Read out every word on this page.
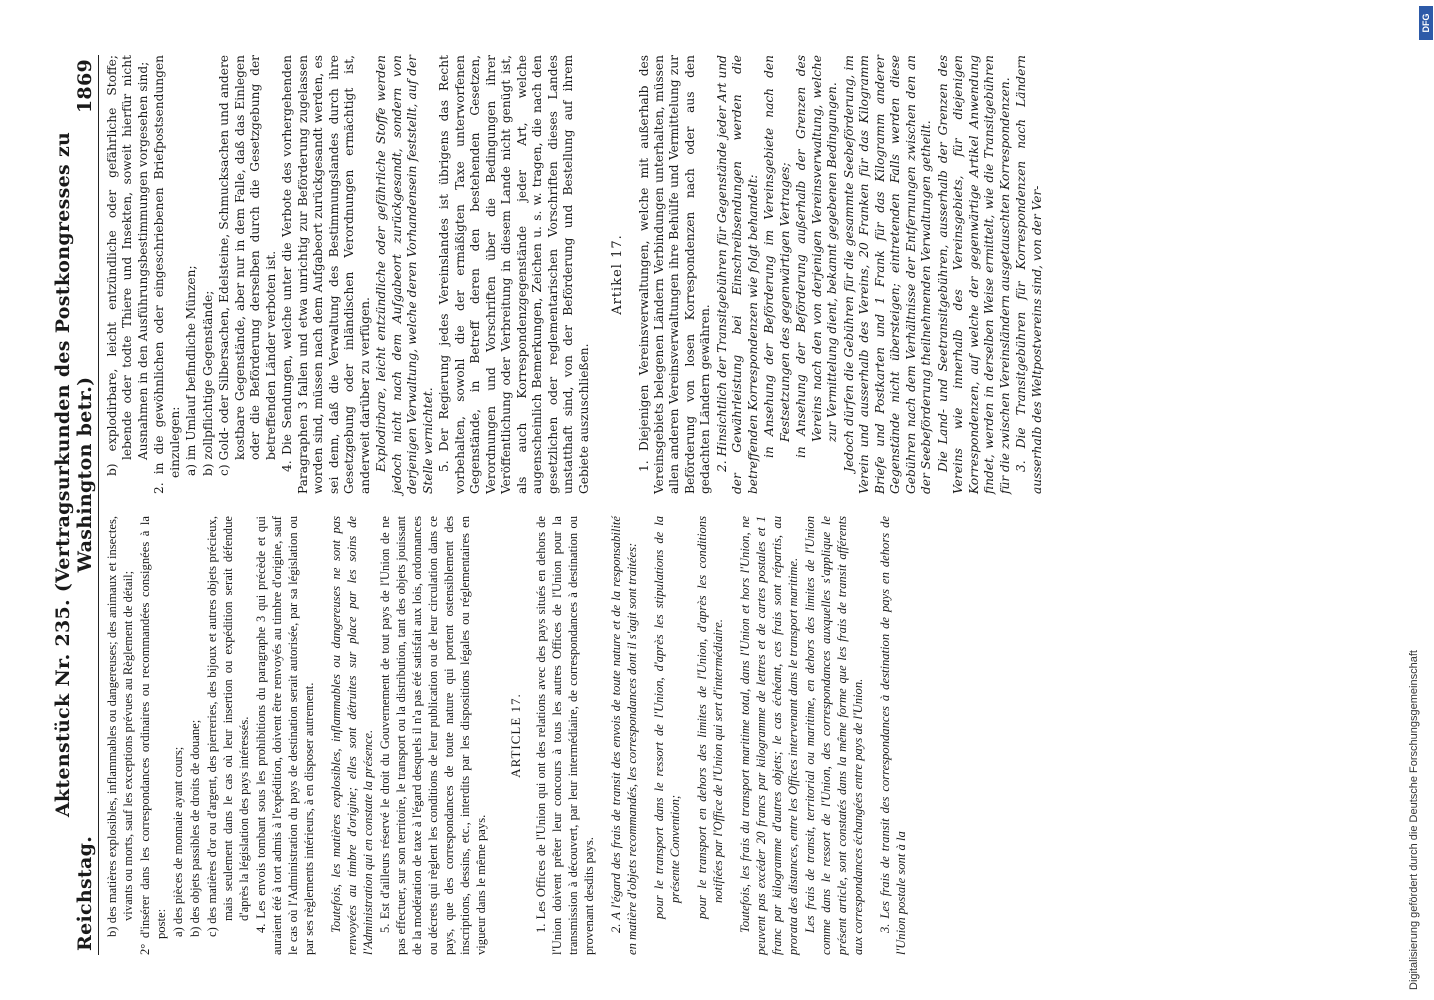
Reichstag.
Aktenstück Nr. 235. (Vertragsurkunden des Postkongresses zu Washington betr.)
1869

b) des matières explosibles, inflammables ou dangereuses; des animaux et insectes, vivants ou morts, sauf les exceptions prévues au Règlement de détail; 2° d'insérer dans les correspondances ordinaires ou recommandées consignées à la poste: a) des pièces de monnaie ayant cours; b) des objets passibles de droits de douane; c) des matières d'or ou d'argent, des pierreries, des bijoux et autres objets précieux, mais seulement dans le cas où leur insertion ou expédition serait défendue d'après la législation des pays intéressés. 4. Les envois tombant sous les prohibitions du paragraphe 3 qui précède et qui auraient été à tort admis à l'expédition, doivent être renvoyés au timbre d'origine, sauf le cas où l'Administration du pays de destination serait autorisée, par sa législation ou par ses règlements intérieurs, à en disposer autrement. Toutefois, les matières explosibles, inflammables ou dangereuses ne sont pas renvoyées au timbre d'origine; elles sont détruites sur place par les soins de l'Administration qui en constate la présence. 5. Est d'ailleurs réservé le droit du Gouvernement de tout pays de l'Union de ne pas effectuer, sur son territoire, le transport ou la distribution, tant des objets jouissant de la modération de taxe à l'égard desquels il n'a pas été satisfait aux lois, ordonnances ou décrets qui règlent les conditions de leur publication ou de leur circulation dans ce pays, que des correspondances de toute nature qui portent ostensiblement des inscriptions, dessins, etc., interdits par les dispositions légales ou réglementaires en vigueur dans le même pays.

ARTICLE 17. 1. Les Offices de l'Union qui ont des relations avec des pays situés en dehors de l'Union doivent prêter leur concours à tous les autres Offices de l'Union pour la transmission à découvert, par leur intermédiaire, de correspondances à destination ou provenant desdits pays. 2. A l'égard des frais de transit des envois de toute nature et de la responsabilité en matière d'objets recommandés, les correspondances dont il s'agit sont traitées: pour le transport dans le ressort de l'Union, d'après les stipulations de la présente Convention; pour le transport en dehors des limites de l'Union, d'après les conditions notifiées par l'Office de l'Union qui sert d'intermédiaire. Toutefois, les frais du transport maritime total, dans l'Union et hors l'Union, ne peuvent pas excéder 20 francs par kilogramme de lettres et de cartes postales et 1 franc par kilogramme d'autres objets; le cas échéant, ces frais sont répartis, au prorata des distances, entre les Offices intervenant dans le transport maritime. Les frais de transit, territorial ou maritime, en dehors des limites de l'Union comme dans le ressort de l'Union, des correspondances auxquelles s'applique le présent article, sont constatés dans la même forme que les frais de transit afférents aux correspondances échangées entre pays de l'Union. 3. Les frais de transit des correspondances à destination de pays en dehors de l'Union postale sont à la

b) explodirbare, leicht entzündliche oder gefährliche Stoffe; lebende oder todte Thiere und Insekten, soweit hierfür nicht Ausnahmen in den Ausführungsbestimmungen vorgesehen sind; 2. in die gewöhnlichen oder eingeschriebenen Briefpostsendungen einzulegen: a) im Umlauf befindliche Münzen; b) zollpflichtige Gegenstände; c) Gold- oder Silbersachen, Edelsteine, Schmucksachen und andere kostbare Gegenstände, aber nur in dem Falle, daß das Einlegen oder die Beförderung derselben durch die Gesetzgebung der betreffenden Länder verboten ist. 4. Die Sendungen, welche unter die Verbote des vorhergehenden Paragraphen 3 fallen und etwa unrichtig zur Beförderung zugelassen worden sind, müssen nach dem Aufgabeort zurückgesandt werden, es sei denn, daß die Verwaltung des Bestimmungslandes durch ihre Gesetzgebung oder inländischen Verordnungen ermächtigt ist, anderweit darüber zu verfügen. Explodirbare, leicht entzündliche oder gefährliche Stoffe werden jedoch nicht nach dem Aufgabeort zurückgesandt, sondern von derjenigen Verwaltung, welche deren Vorhandensein feststellt, auf der Stelle vernichtet. 5. Der Regierung jedes Vereinslandes ist übrigens das Recht vorbehalten, sowohl die der ermäßigten Taxe unterworfenen Gegenstände, in Betreff deren den bestehenden Gesetzen, Verordnungen und Vorschriften über die Bedingungen ihrer Veröffentlichung oder Verbreitung in diesem Lande nicht genügt ist, als auch Korrespondenzgegenstände jeder Art, welche augenscheinlich Bemerkungen, Zeichen u. s. w. tragen, die nach den gesetzlichen oder reglementarischen Vorschriften dieses Landes unstatthaft sind, von der Beförderung und Bestellung auf ihrem Gebiete auszuschließen.

Artikel 17. 1. Diejenigen Vereinsverwaltungen, welche mit außerhalb des Vereinsgebiets belegenen Ländern Verbindungen unterhalten, müssen allen anderen Vereinsverwaltungen ihre Behülfe und Vermittelung zur Beförderung von losen Korrespondenzen nach oder aus den gedachten Ländern gewähren. 2. Hinsichtlich der Transitgebühren für Gegenstände jeder Art und der Gewährleistung bei Einschreibsendungen werden die betreffenden Korrespondenzen wie folgt behandelt: in Ansehung der Beförderung im Vereinsgebiete nach den Festsetzungen des gegenwärtigen Vertrages; in Ansehung der Beförderung außerhalb der Grenzen des Vereins nach den von derjenigen Vereinsverwaltung, welche zur Vermittelung dient, bekannt gegebenen Bedingungen. Jedoch dürfen die Gebühren für die gesammte Seebeförderung, im Verein und ausserhalb des Vereins, 20 Franken für das Kilogramm Briefe und Postkarten und 1 Frank für das Kilogramm anderer Gegenstände nicht übersteigen; eintretenden Falls werden diese Gebühren nach dem Verhältnisse der Entfernungen zwischen den an der Seebeförderung theilnehmenden Verwaltungen getheilt. Die Land- und Seetransitgebühren, ausserhalb der Grenzen des Vereins wie innerhalb des Vereinsgebiets, für diejenigen Korrespondenzen, auf welche der gegenwärtige Artikel Anwendung findet, werden in derselben Weise ermittelt, wie die Transitgebühren für die zwischen Vereinsländern ausgetauschten Korrespondenzen. 3. Die Transitgebühren für Korrespondenzen nach Ländern ausserhalb des Weltpostvereins sind, von der Ver-

DFG
Digitalisierung gefördert durch die Deutsche Forschungsgemeinschaft
